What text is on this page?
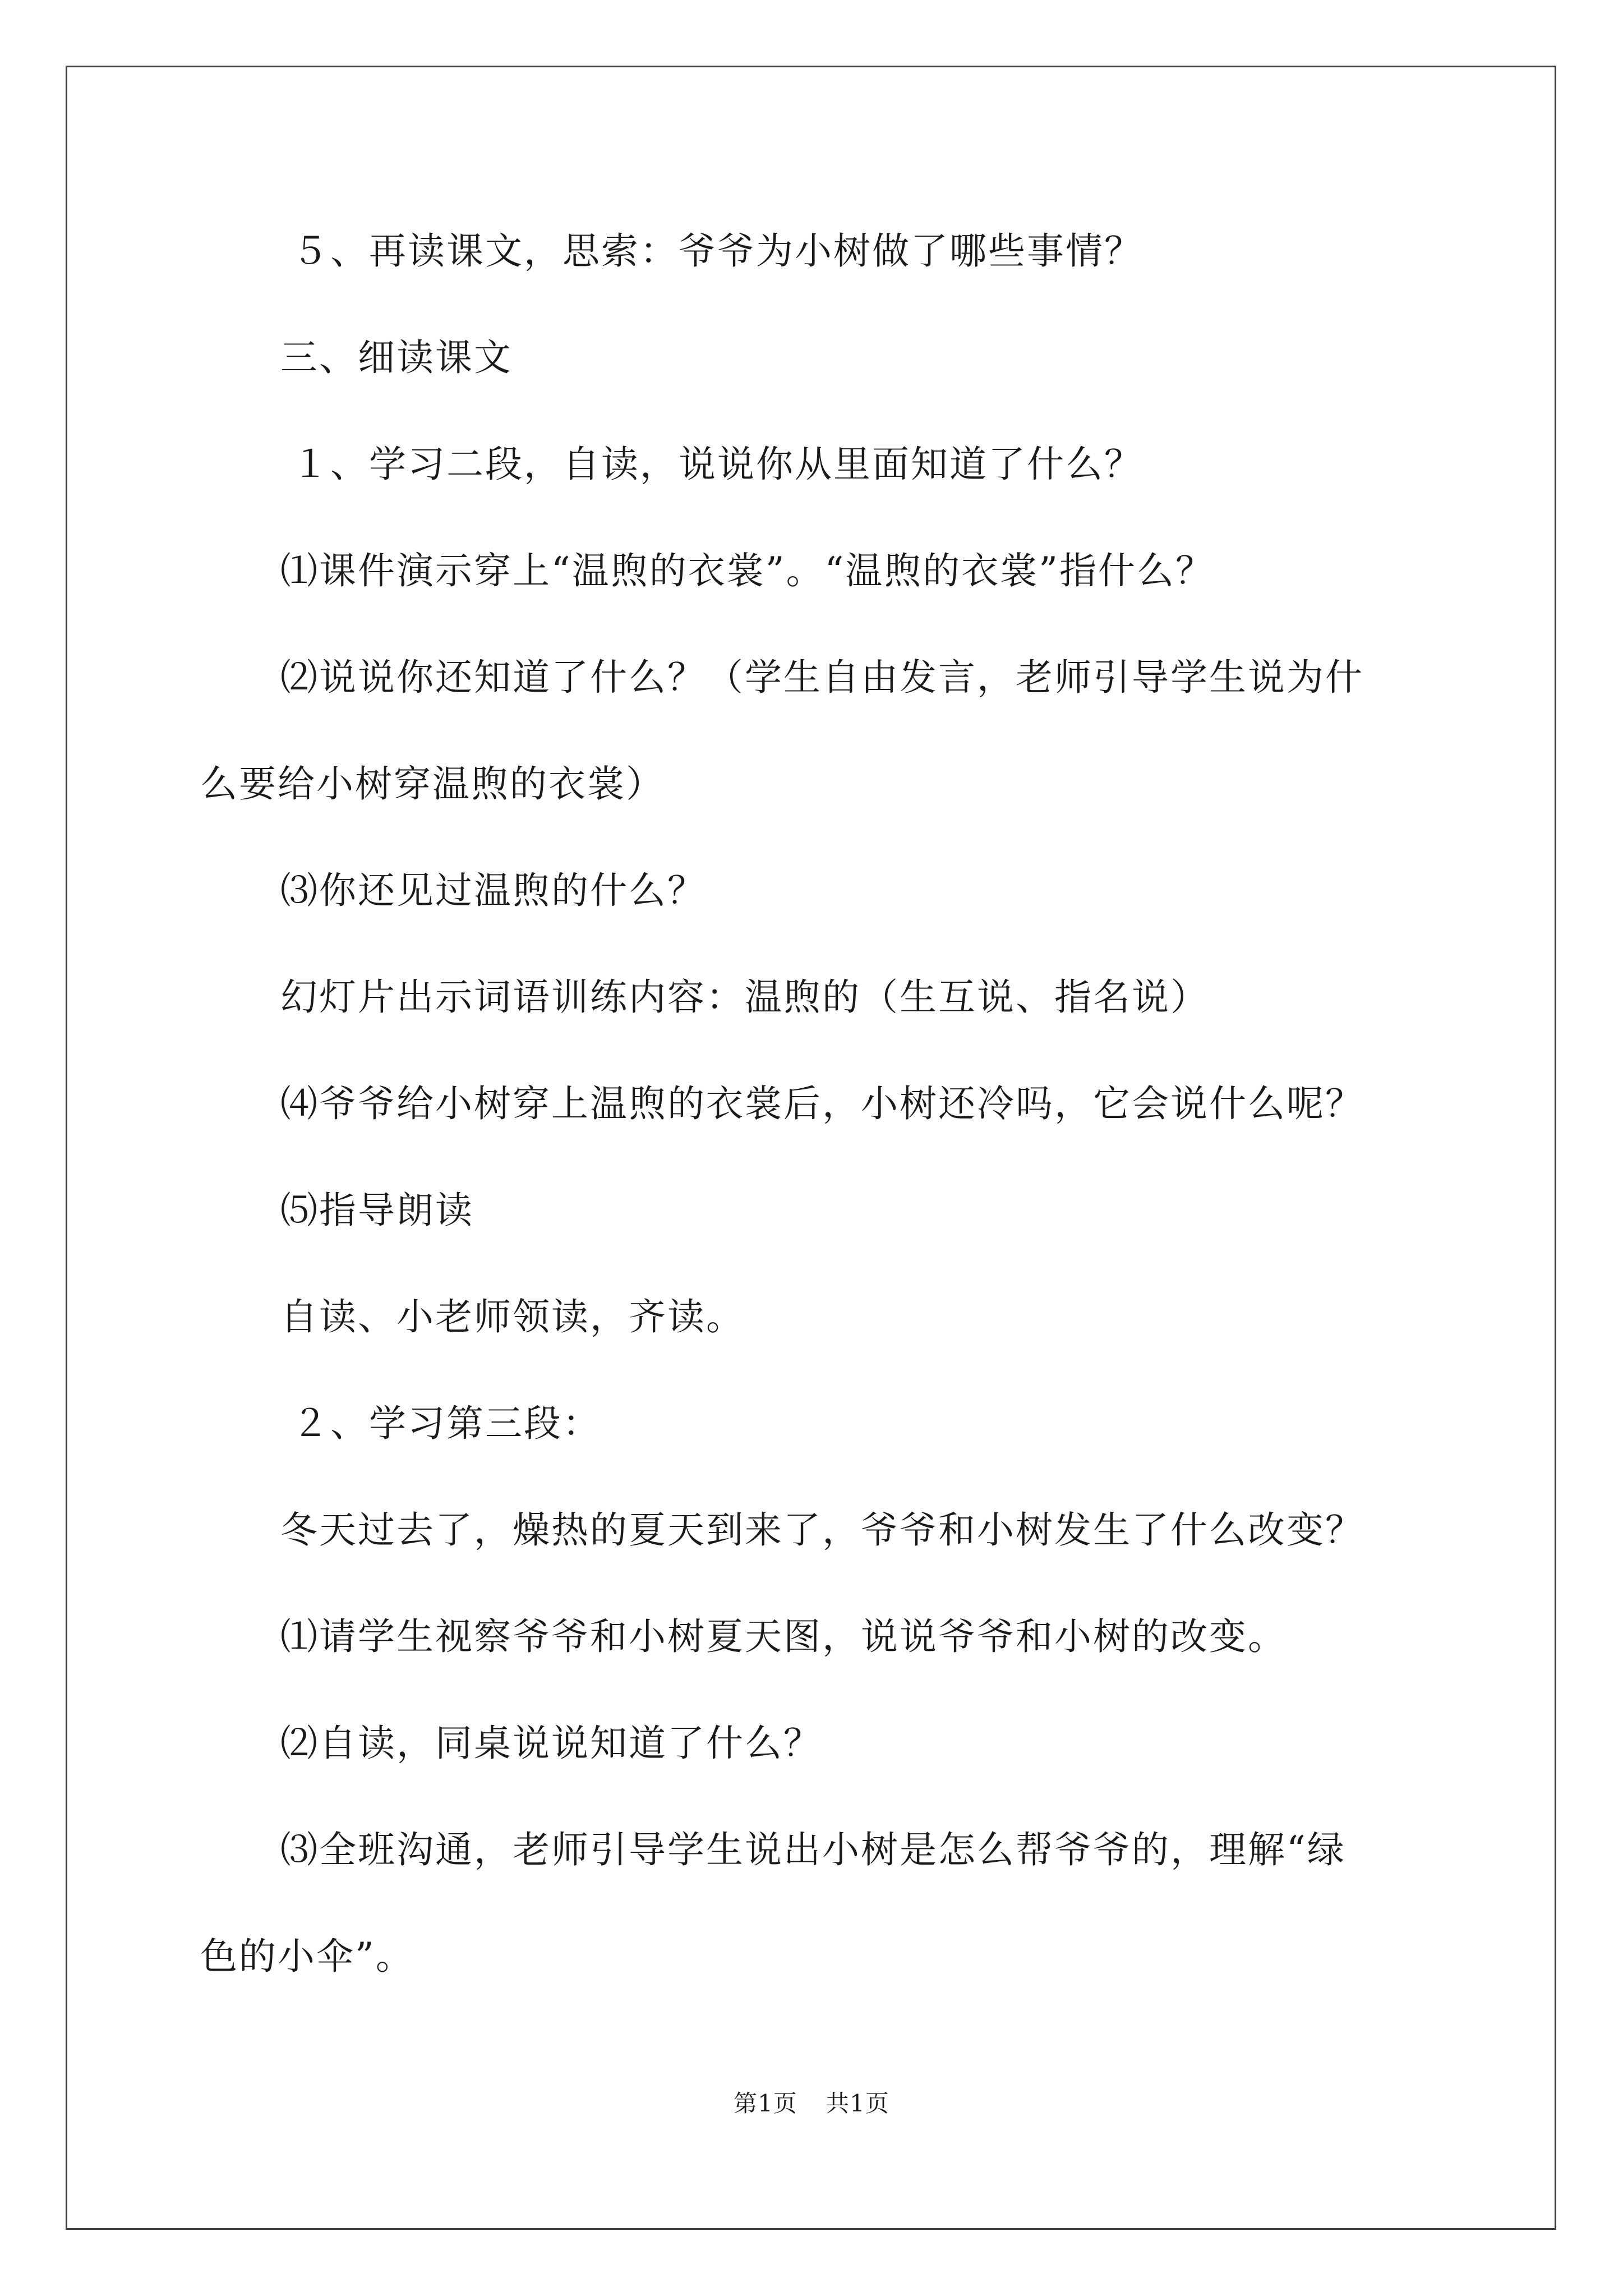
５、再读课文，思索：爷爷为小树做了哪些事情？
三、细读课文
１、学习二段，自读，说说你从里面知道了什么？
⑴课件演示穿上“温煦的衣裳”。“温煦的衣裳”指什么？
⑵说说你还知道了什么？（学生自由发言，老师引导学生说为什
么要给小树穿温煦的衣裳）
⑶你还见过温煦的什么？
幻灯片出示词语训练内容：温煦的（生互说、指名说）
⑷爷爷给小树穿上温煦的衣裳后，小树还冷吗，它会说什么呢？
⑸指导朗读
自读、小老师领读，齐读。
２、学习第三段：
冬天过去了，燥热的夏天到来了，爷爷和小树发生了什么改变？
⑴请学生视察爷爷和小树夏天图，说说爷爷和小树的改变。
⑵自读，同桌说说知道了什么？
⑶全班沟通，老师引导学生说出小树是怎么帮爷爷的，理解“绿
色的小伞”。
第1页 共1页
